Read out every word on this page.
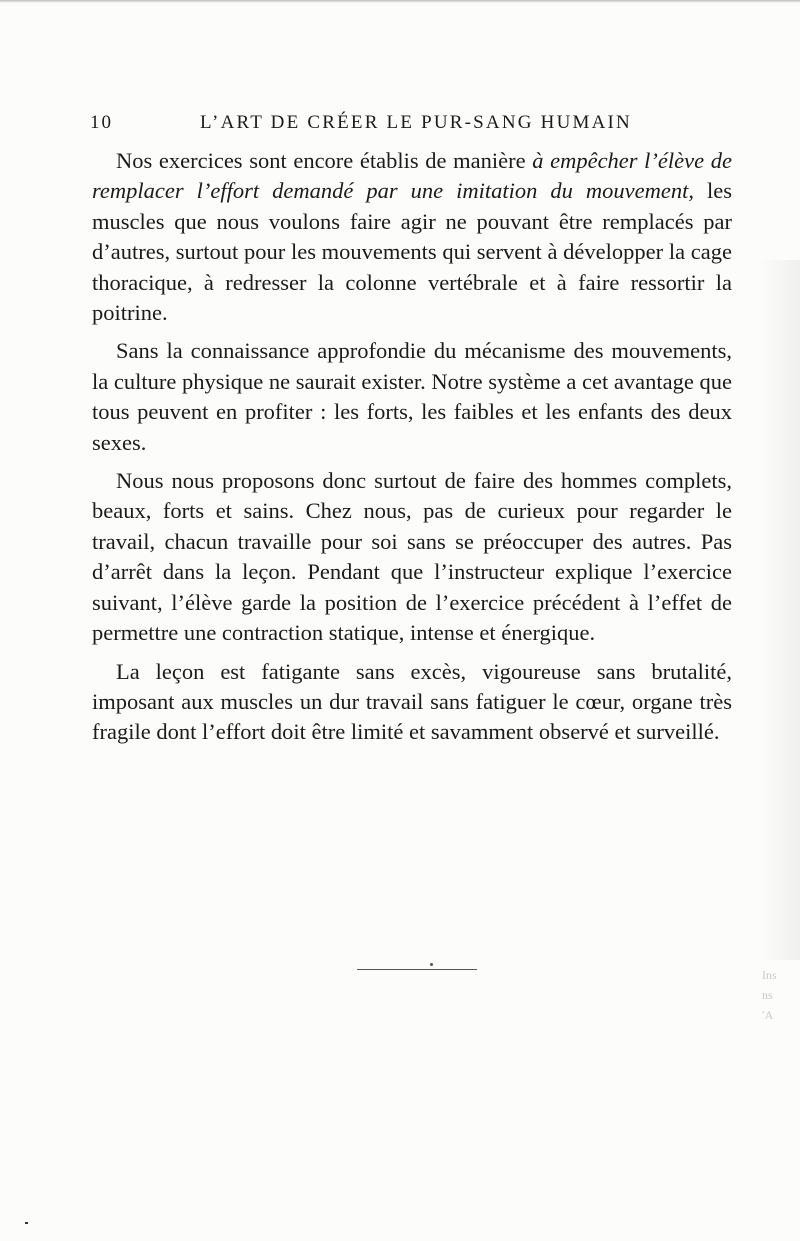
10	L’ART DE CRÉER LE PUR-SANG HUMAIN

Nos exercices sont encore établis de manière à empêcher l’élève de remplacer l’effort demandé par une imitation du mouvement, les muscles que nous voulons faire agir ne pouvant être remplacés par d’autres, surtout pour les mouvements qui servent à développer la cage thoracique, à redresser la colonne vertébrale et à faire ressortir la poitrine.

Sans la connaissance approfondie du mécanisme des mouvements, la culture physique ne saurait exister. Notre système a cet avantage que tous peuvent en profiter : les forts, les faibles et les enfants des deux sexes.

Nous nous proposons donc surtout de faire des hommes complets, beaux, forts et sains. Chez nous, pas de curieux pour regarder le travail, chacun travaille pour soi sans se préoccuper des autres. Pas d’arrêt dans la leçon. Pendant que l’instructeur explique l’exercice suivant, l’élève garde la position de l’exercice précédent à l’effet de permettre une contraction statique, intense et énergique.

La leçon est fatigante sans excès, vigoureuse sans brutalité, imposant aux muscles un dur travail sans fatiguer le cœur, organe très fragile dont l’effort doit être limité et savamment observé et surveillé.

Ins
ns
ʹA
